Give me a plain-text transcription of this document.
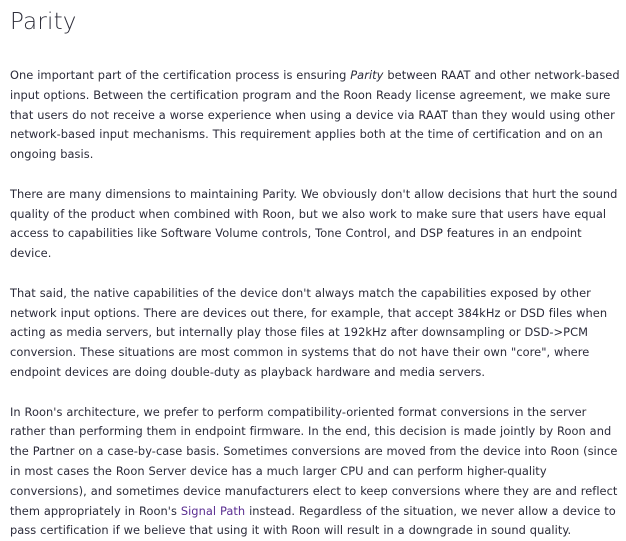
Parity

One important part of the certification process is ensuring Parity between RAAT and other network-based input options. Between the certification program and the Roon Ready license agreement, we make sure that users do not receive a worse experience when using a device via RAAT than they would using other network-based input mechanisms. This requirement applies both at the time of certification and on an ongoing basis.

There are many dimensions to maintaining Parity. We obviously don't allow decisions that hurt the sound quality of the product when combined with Roon, but we also work to make sure that users have equal access to capabilities like Software Volume controls, Tone Control, and DSP features in an endpoint device.

That said, the native capabilities of the device don't always match the capabilities exposed by other network input options. There are devices out there, for example, that accept 384kHz or DSD files when acting as media servers, but internally play those files at 192kHz after downsampling or DSD->PCM conversion. These situations are most common in systems that do not have their own "core", where endpoint devices are doing double-duty as playback hardware and media servers.

In Roon's architecture, we prefer to perform compatibility-oriented format conversions in the server rather than performing them in endpoint firmware. In the end, this decision is made jointly by Roon and the Partner on a case-by-case basis. Sometimes conversions are moved from the device into Roon (since in most cases the Roon Server device has a much larger CPU and can perform higher-quality conversions), and sometimes device manufacturers elect to keep conversions where they are and reflect them appropriately in Roon's Signal Path instead. Regardless of the situation, we never allow a device to pass certification if we believe that using it with Roon will result in a downgrade in sound quality.
